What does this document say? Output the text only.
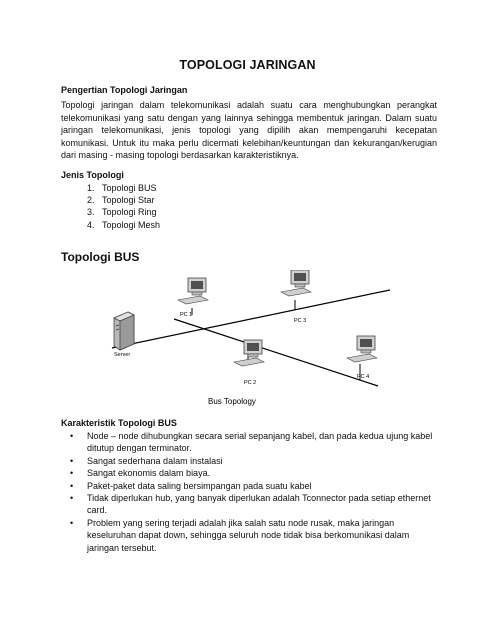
TOPOLOGI JARINGAN
Pengertian Topologi Jaringan
Topologi jaringan dalam telekomunikasi adalah suatu cara menghubungkan perangkat telekomunikasi yang satu dengan yang lainnya sehingga membentuk jaringan. Dalam suatu jaringan telekomunikasi, jenis topologi yang dipilih akan mempengaruhi kecepatan komunikasi. Untuk itu maka perlu dicermati kelebihan/keuntungan dan kekurangan/kerugian dari masing - masing topologi berdasarkan karakteristiknya.
Jenis Topologi
1. Topologi BUS
2. Topologi Star
3. Topologi Ring
4. Topologi Mesh
Topologi BUS
Server
PC 1
PC 3
PC 2
PC 4
Bus Topology
Karakteristik Topologi BUS
• Node – node dihubungkan secara serial sepanjang kabel, dan pada kedua ujung kabel ditutup dengan terminator.
• Sangat sederhana dalam instalasi
• Sangat ekonomis dalam biaya.
• Paket-paket data saling bersimpangan pada suatu kabel
• Tidak diperlukan hub, yang banyak diperlukan adalah Tconnector pada setiap ethernet card.
• Problem yang sering terjadi adalah jika salah satu node rusak, maka jaringan keseluruhan dapat down, sehingga seluruh node tidak bisa berkomunikasi dalam jaringan tersebut.
